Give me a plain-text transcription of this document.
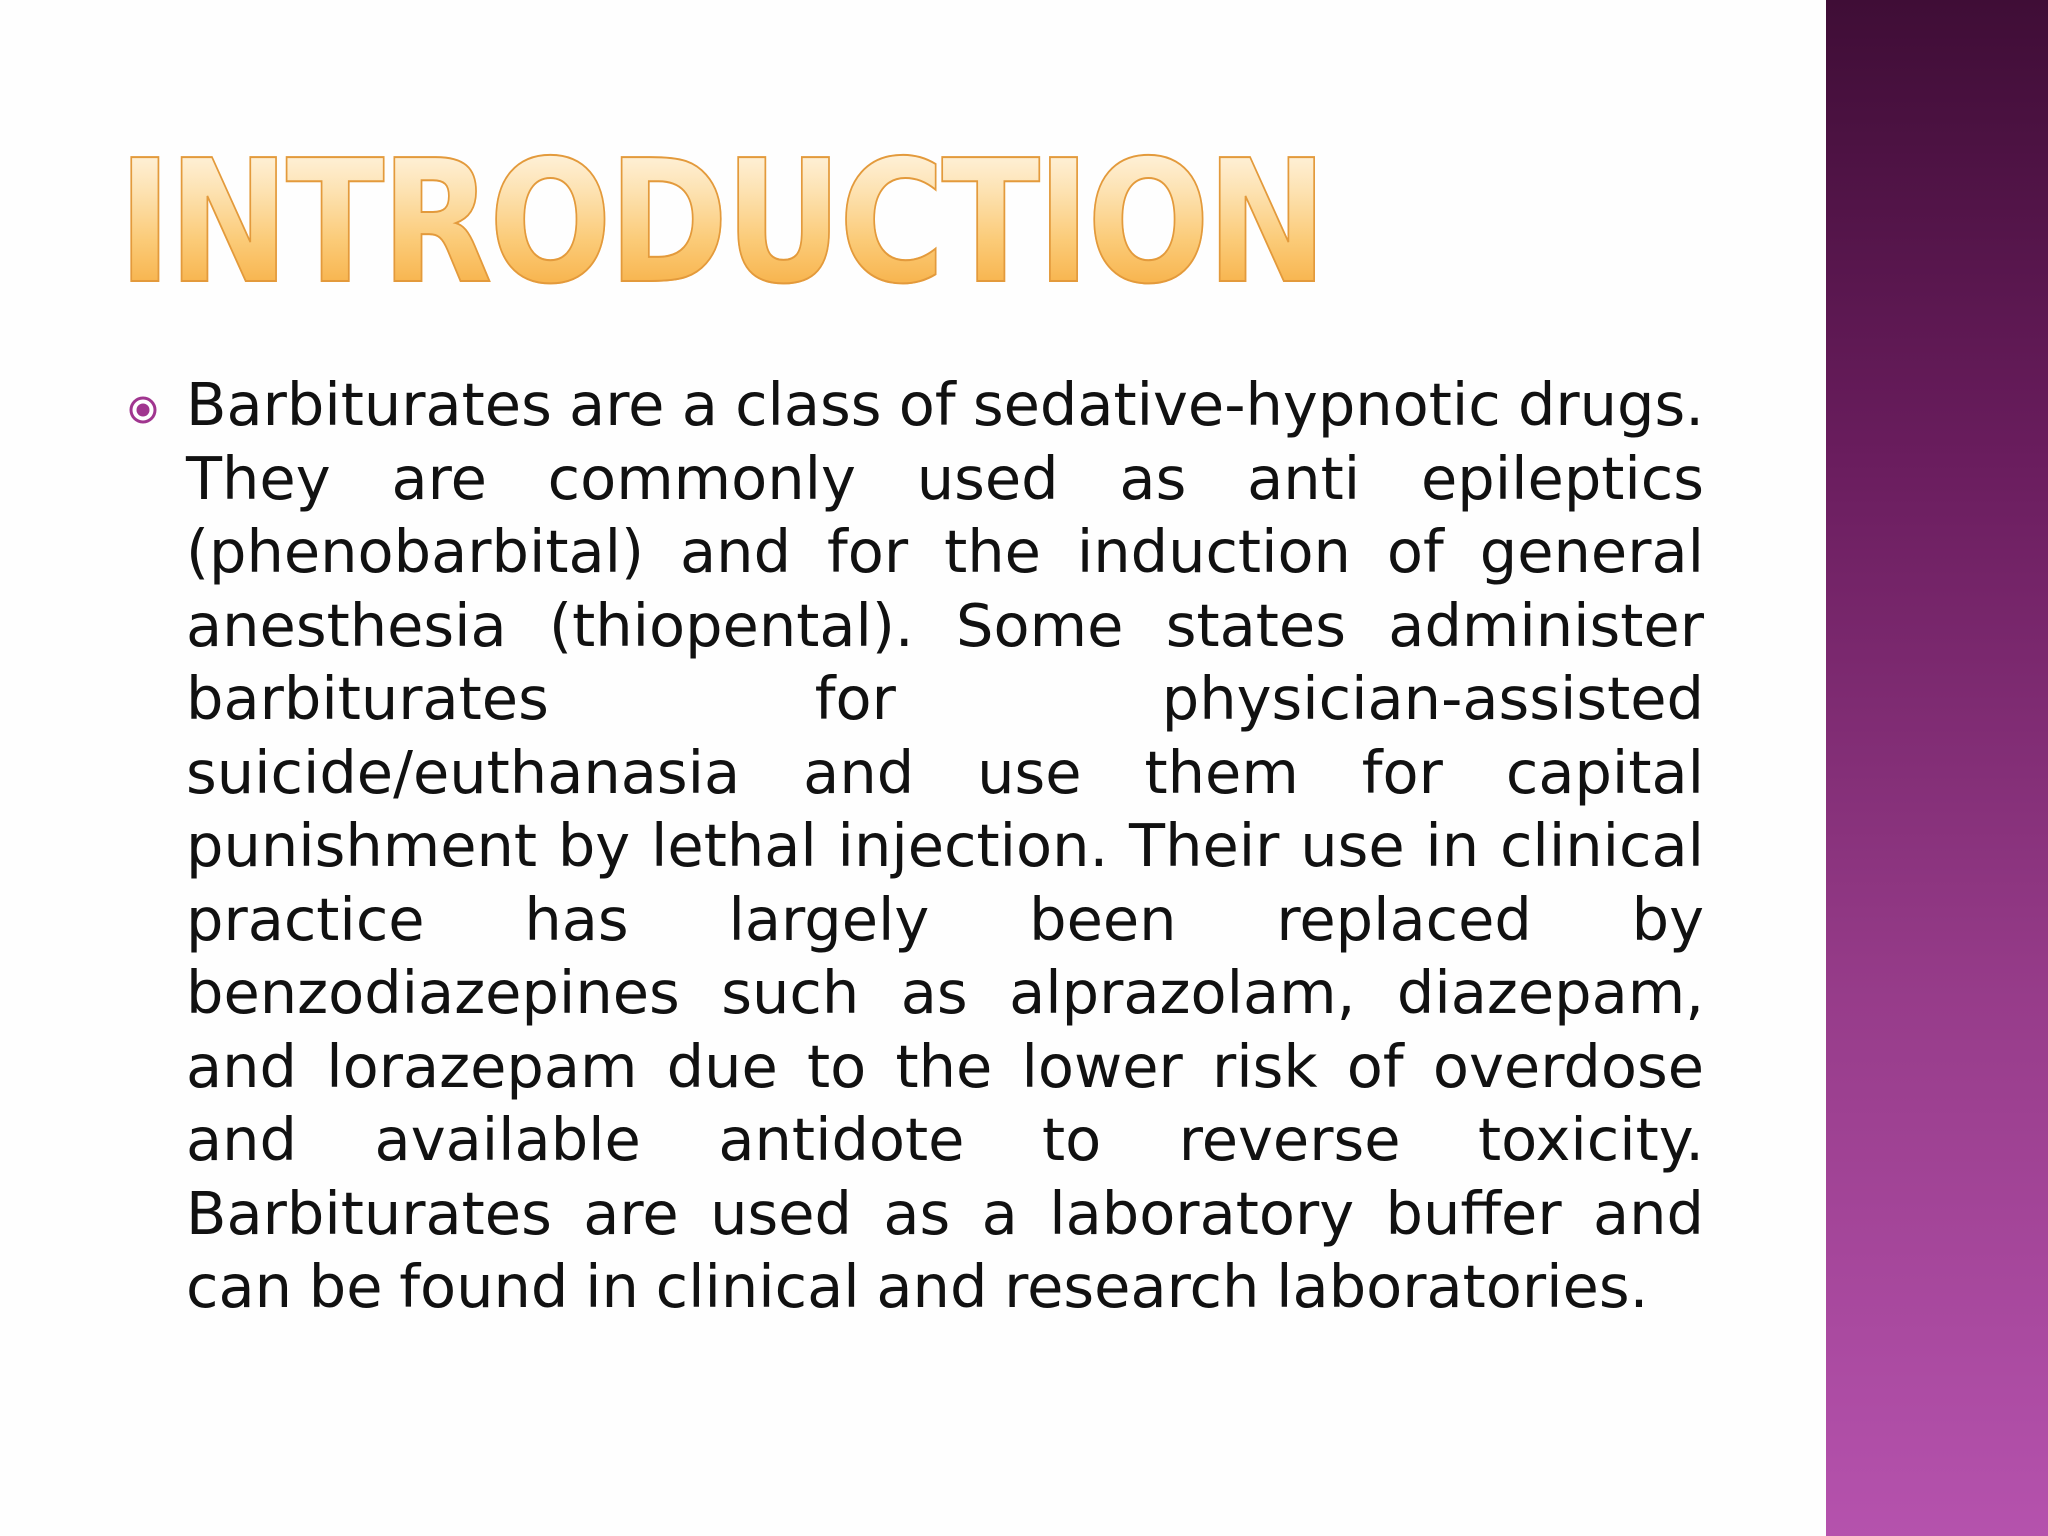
INTRODUCTION

Barbiturates are a class of sedative-hypnotic drugs. They are commonly used as anti epileptics (phenobarbital) and for the induction of general anesthesia (thiopental). Some states administer barbiturates for physician-assisted suicide/euthanasia and use them for capital punishment by lethal injection. Their use in clinical practice has largely been replaced by benzodiazepines such as alprazolam, diazepam, and lorazepam due to the lower risk of overdose and available antidote to reverse toxicity. Barbiturates are used as a laboratory buffer and can be found in clinical and research laboratories.
